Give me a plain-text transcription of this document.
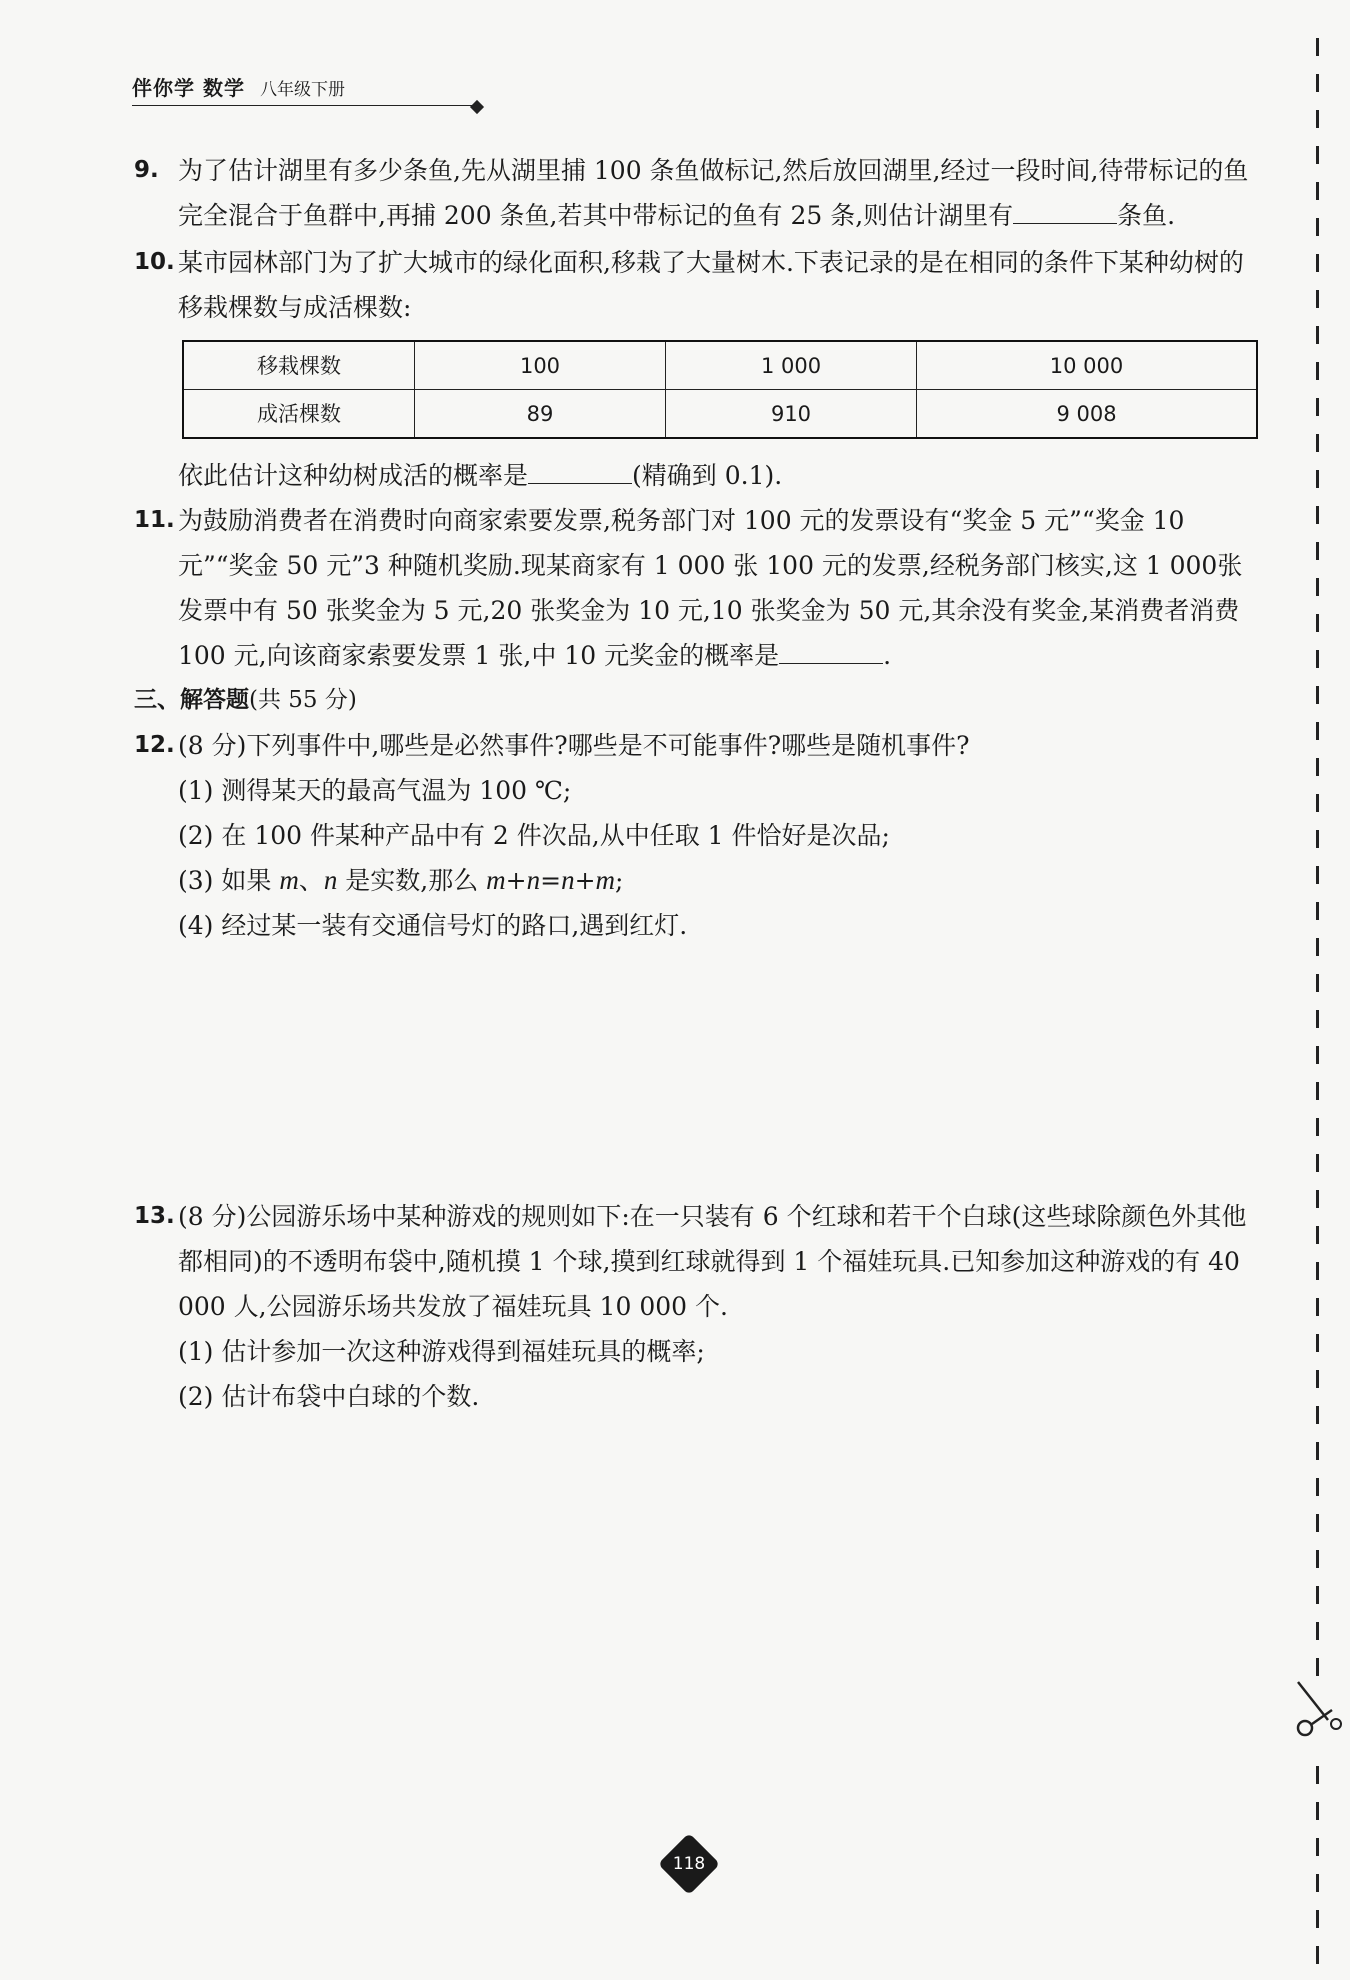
伴你学 数学 八年级下册
9. 为了估计湖里有多少条鱼,先从湖里捕 100 条鱼做标记,然后放回湖里,经过一段时间,待带标记的鱼完全混合于鱼群中,再捕 200 条鱼,若其中带标记的鱼有 25 条,则估计湖里有	条鱼.
10. 某市园林部门为了扩大城市的绿化面积,移栽了大量树木.下表记录的是在相同的条件下某种幼树的移栽棵数与成活棵数:
移栽棵数	100	1 000	10 000
成活棵数	89	910	9 008
依此估计这种幼树成活的概率是	(精确到 0.1).
11. 为鼓励消费者在消费时向商家索要发票,税务部门对 100 元的发票设有“奖金 5 元”“奖金 10 元”“奖金 50 元”3 种随机奖励.现某商家有 1 000 张 100 元的发票,经税务部门核实,这 1 000张发票中有 50 张奖金为 5 元,20 张奖金为 10 元,10 张奖金为 50 元,其余没有奖金,某消费者消费 100 元,向该商家索要发票 1 张,中 10 元奖金的概率是	.
三、解答题(共 55 分)
12. (8 分)下列事件中,哪些是必然事件?哪些是不可能事件?哪些是随机事件?
(1) 测得某天的最高气温为 100 ℃;
(2) 在 100 件某种产品中有 2 件次品,从中任取 1 件恰好是次品;
(3) 如果 m、n 是实数,那么 m+n=n+m;
(4) 经过某一装有交通信号灯的路口,遇到红灯.
13. (8 分)公园游乐场中某种游戏的规则如下:在一只装有 6 个红球和若干个白球(这些球除颜色外其他都相同)的不透明布袋中,随机摸 1 个球,摸到红球就得到 1 个福娃玩具.已知参加这种游戏的有 40 000 人,公园游乐场共发放了福娃玩具 10 000 个.
(1) 估计参加一次这种游戏得到福娃玩具的概率;
(2) 估计布袋中白球的个数.
118
